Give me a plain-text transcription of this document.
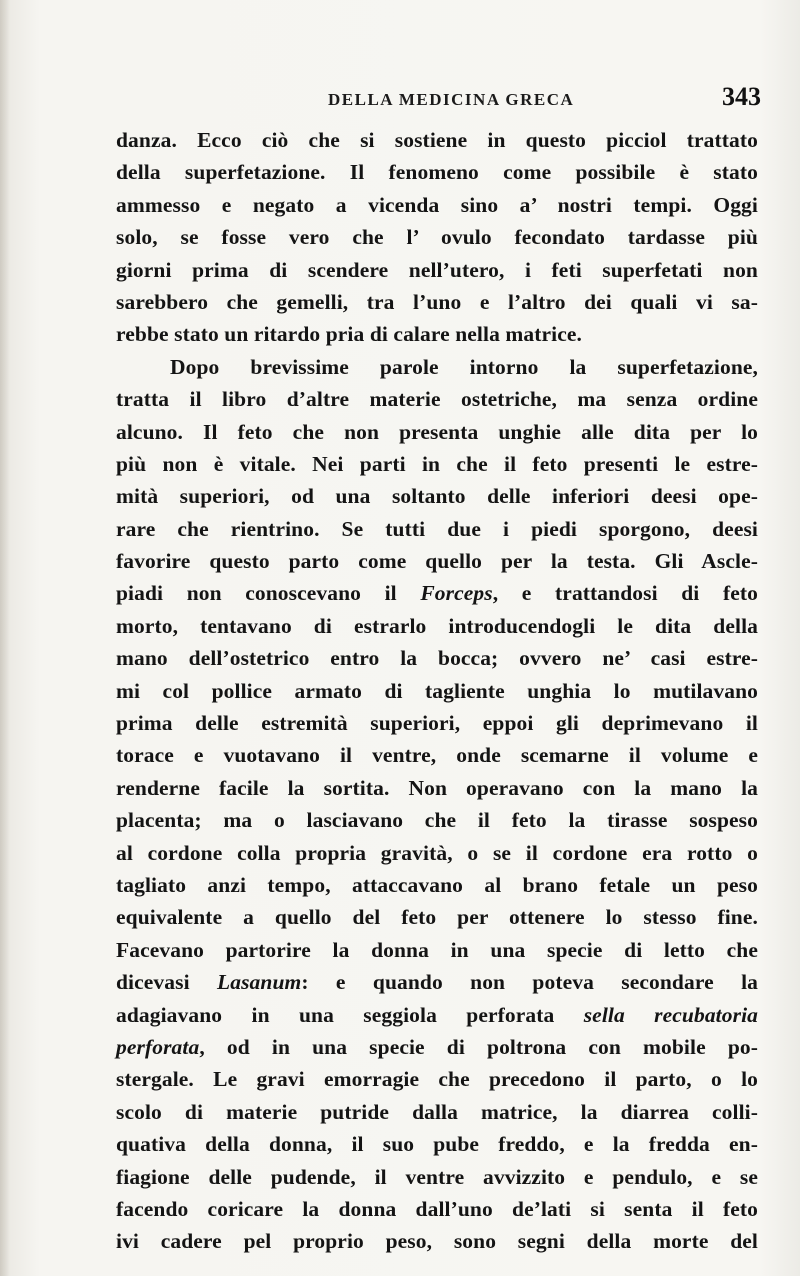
DELLA MEDICINA GRECA	343
danza. Ecco ciò che si sostiene in questo picciol trattato
della superfetazione. Il fenomeno come possibile è stato
ammesso e negato a vicenda sino a’ nostri tempi. Oggi
solo, se fosse vero che l’ ovulo fecondato tardasse più
giorni prima di scendere nell’utero, i feti superfetati non
sarebbero che gemelli, tra l’uno e l’altro dei quali vi sa-
rebbe stato un ritardo pria di calare nella matrice.
Dopo brevissime parole intorno la superfetazione,
tratta il libro d’altre materie ostetriche, ma senza ordine
alcuno. Il feto che non presenta unghie alle dita per lo
più non è vitale. Nei parti in che il feto presenti le estre-
mità superiori, od una soltanto delle inferiori deesi ope-
rare che rientrino. Se tutti due i piedi sporgono, deesi
favorire questo parto come quello per la testa. Gli Ascle-
piadi non conoscevano il Forceps, e trattandosi di feto
morto, tentavano di estrarlo introducendogli le dita della
mano dell’ostetrico entro la bocca; ovvero ne’ casi estre-
mi col pollice armato di tagliente unghia lo mutilavano
prima delle estremità superiori, eppoi gli deprimevano il
torace e vuotavano il ventre, onde scemarne il volume e
renderne facile la sortita. Non operavano con la mano la
placenta; ma o lasciavano che il feto la tirasse sospeso
al cordone colla propria gravità, o se il cordone era rotto o
tagliato anzi tempo, attaccavano al brano fetale un peso
equivalente a quello del feto per ottenere lo stesso fine.
Facevano partorire la donna in una specie di letto che
dicevasi Lasanum: e quando non poteva secondare la
adagiavano in una seggiola perforata sella recubatoria
perforata, od in una specie di poltrona con mobile po-
stergale. Le gravi emorragie che precedono il parto, o lo
scolo di materie putride dalla matrice, la diarrea colli-
quativa della donna, il suo pube freddo, e la fredda en-
fiagione delle pudende, il ventre avvizzito e pendulo, e se
facendo coricare la donna dall’uno de’lati si senta il feto
ivi cadere pel proprio peso, sono segni della morte del
